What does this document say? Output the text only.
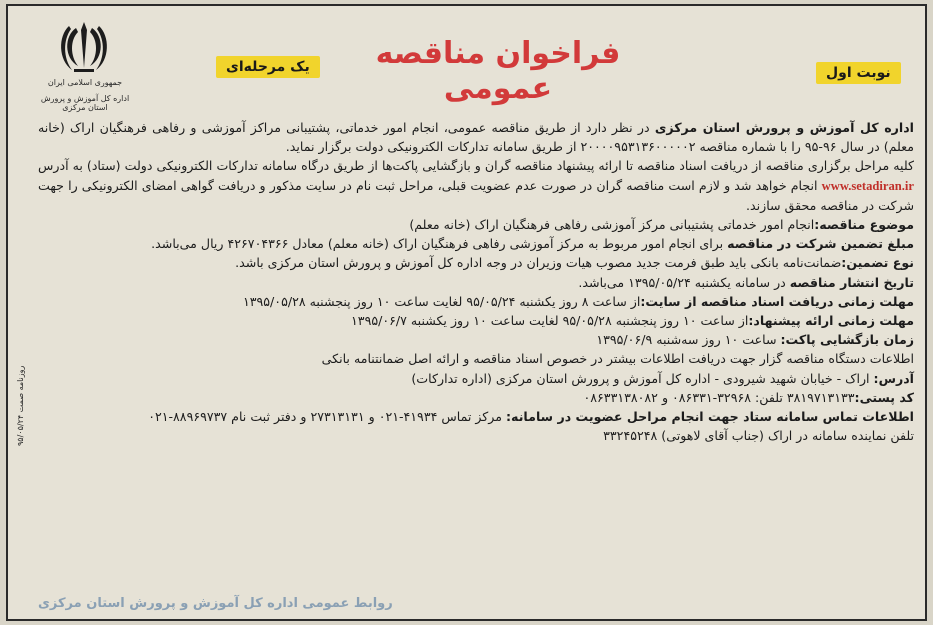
جمهوری اسلامی ایران
اداره کل آموزش و پرورش استان مرکزی
یک مرحله‌ای	فراخوان مناقصه عمومی	نوبت اول

اداره کل آموزش و پرورش استان مرکزی در نظر دارد از طریق مناقصه عمومی، انجام امور خدماتی، پشتیبانی مراکز آموزشی و رفاهی فرهنگیان اراک (خانه معلم) در سال ۹۶-۹۵ را با شماره مناقصه ۲۰۰۰۰۹۵۳۱۳۶۰۰۰۰۰۲ از طریق سامانه تدارکات الکترونیکی دولت برگزار نماید.

کلیه مراحل برگزاری مناقصه از دریافت اسناد مناقصه تا ارائه پیشنهاد مناقصه گران و بازگشایی پاکت‌ها از طریق درگاه سامانه تدارکات الکترونیکی دولت (ستاد) به آدرس www.setadiran.ir انجام خواهد شد و لازم است مناقصه گران در صورت عدم عضویت قبلی، مراحل ثبت نام در سایت مذکور و دریافت گواهی امضای الکترونیکی را جهت شرکت در مناقصه محقق سازند.

موضوع مناقصه:انجام امور خدماتی پشتیبانی مرکز آموزشی رفاهی فرهنگیان اراک (خانه معلم)

مبلغ تضمین شرکت در مناقصه برای انجام امور مربوط به مرکز آموزشی رفاهی فرهنگیان اراک (خانه معلم) معادل ۴۲۶۷۰۴۳۶۶ ریال می‌باشد.

نوع تضمین:ضمانت‌نامه بانکی باید طبق فرمت جدید مصوب هیات وزیران در وجه اداره کل آموزش و پرورش استان مرکزی باشد.

تاریخ انتشار مناقصه در سامانه یکشنبه ۱۳۹۵/۰۵/۲۴ می‌باشد.

مهلت زمانی دریافت اسناد مناقصه از سایت:از ساعت ۸ روز یکشنبه ۹۵/۰۵/۲۴ لغایت ساعت ۱۰ روز پنجشنبه ۱۳۹۵/۰۵/۲۸

مهلت زمانی ارائه پیشنهاد:از ساعت ۱۰ روز پنجشنبه ۹۵/۰۵/۲۸ لغایت ساعت ۱۰ روز یکشنبه ۱۳۹۵/۰۶/۷

زمان بازگشایی پاکت: ساعت ۱۰ روز سه‌شنبه ۱۳۹۵/۰۶/۹

اطلاعات دستگاه مناقصه گزار جهت دریافت اطلاعات بیشتر در خصوص اسناد مناقصه و ارائه اصل ضمانتنامه بانکی

آدرس: اراک - خیابان شهید شیرودی - اداره کل آموزش و پرورش استان مرکزی (اداره تدارکات)

کد پستی:۳۸۱۹۷۱۳۱۳۳ تلفن: ۳۲۹۶۸-۰۸۶۳۳۱ و ۰۸۶۳۳۱۳۸۰۸۲

اطلاعات تماس سامانه ستاد جهت انجام مراحل عضویت در سامانه: مرکز تماس ۴۱۹۳۴-۰۲۱ و ۲۷۳۱۳۱۳۱ و دفتر ثبت نام ۸۸۹۶۹۷۳۷-۰۲۱

تلفن نماینده سامانه در اراک (جناب آقای لاهوتی) ۳۳۲۴۵۲۴۸

روابط عمومی اداره کل آموزش و پرورش استان مرکزی
روزنامه صمت ۹۵/۰۵/۲۴
